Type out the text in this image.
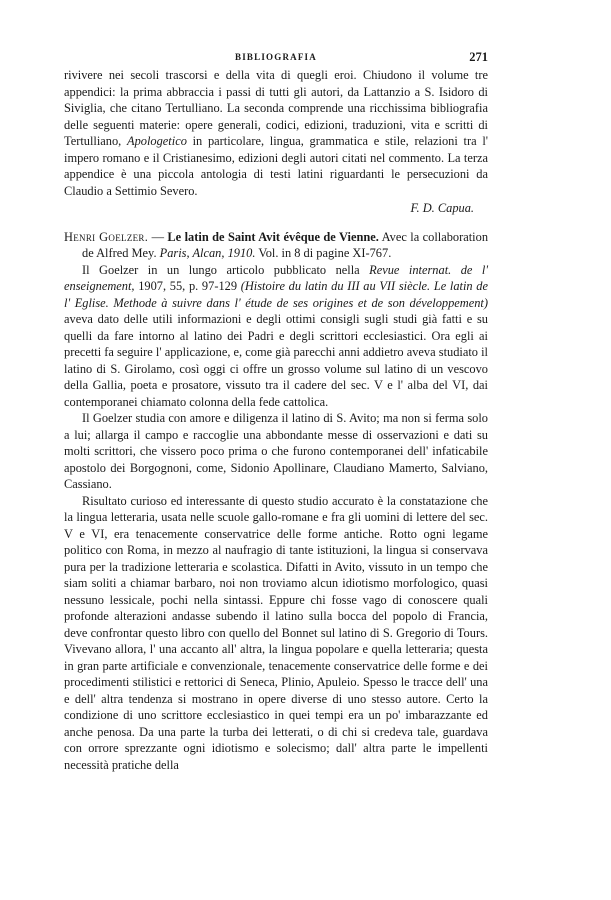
BIBLIOGRAFIA	271

rivivere nei secoli trascorsi e della vita di quegli eroi. Chiudono il volume tre appendici: la prima abbraccia i passi di tutti gli autori, da Lattanzio a S. Isidoro di Siviglia, che citano Tertulliano. La seconda comprende una ricchissima bibliografia delle seguenti materie: opere generali, codici, edizioni, traduzioni, vita e scritti di Tertulliano, Apologetico in particolare, lingua, grammatica e stile, relazioni tra l' impero romano e il Cristianesimo, edizioni degli autori citati nel commento. La terza appendice è una piccola antologia di testi latini riguardanti le persecuzioni da Claudio a Settimio Severo.

F. D. Capua.

Henri Goelzer. — Le latin de Saint Avit évêque de Vienne. Avec la collaboration de Alfred Mey. Paris, Alcan, 1910. Vol. in 8 di pagine XI-767.

Il Goelzer in un lungo articolo pubblicato nella Revue internat. de l' enseignement, 1907, 55, p. 97-129 (Histoire du latin du III au VII siècle. Le latin de l' Eglise. Methode à suivre dans l' étude de ses origines et de son développement) aveva dato delle utili informazioni e degli ottimi consigli sugli studi già fatti e su quelli da fare intorno al latino dei Padri e degli scrittori ecclesiastici. Ora egli ai precetti fa seguire l' applicazione, e, come già parecchi anni addietro aveva studiato il latino di S. Girolamo, così oggi ci offre un grosso volume sul latino di un vescovo della Gallia, poeta e prosatore, vissuto tra il cadere del sec. V e l' alba del VI, dai contemporanei chiamato colonna della fede cattolica.

Il Goelzer studia con amore e diligenza il latino di S. Avito; ma non si ferma solo a lui; allarga il campo e raccoglie una abbondante messe di osservazioni e dati su molti scrittori, che vissero poco prima o che furono contemporanei dell' infaticabile apostolo dei Borgognoni, come, Sidonio Apollinare, Claudiano Mamerto, Salviano, Cassiano.

Risultato curioso ed interessante di questo studio accurato è la constatazione che la lingua letteraria, usata nelle scuole gallo-romane e fra gli uomini di lettere del sec. V e VI, era tenacemente conservatrice delle forme antiche. Rotto ogni legame politico con Roma, in mezzo al naufragio di tante istituzioni, la lingua si conservava pura per la tradizione letteraria e scolastica. Difatti in Avito, vissuto in un tempo che siam soliti a chiamar barbaro, noi non troviamo alcun idiotismo morfologico, quasi nessuno lessicale, pochi nella sintassi. Eppure chi fosse vago di conoscere quali profonde alterazioni andasse subendo il latino sulla bocca del popolo di Francia, deve confrontar questo libro con quello del Bonnet sul latino di S. Gregorio di Tours. Vivevano allora, l' una accanto all' altra, la lingua popolare e quella letteraria; questa in gran parte artificiale e convenzionale, tenacemente conservatrice delle forme e dei procedimenti stilistici e rettorici di Seneca, Plinio, Apuleio. Spesso le tracce dell' una e dell' altra tendenza si mostrano in opere diverse di uno stesso autore. Certo la condizione di uno scrittore ecclesiastico in quei tempi era un po' imbarazzante ed anche penosa. Da una parte la turba dei letterati, o di chi si credeva tale, guardava con orrore sprezzante ogni idiotismo e solecismo; dall' altra parte le impellenti necessità pratiche della
